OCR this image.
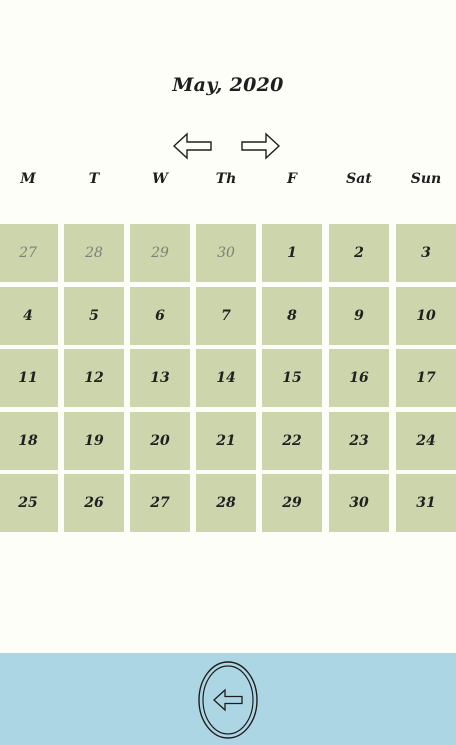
May, 2020
M	T	W	Th	F	Sat	Sun
27	28	29	30	1	2	3
4	5	6	7	8	9	10
11	12	13	14	15	16	17
18	19	20	21	22	23	24
25	26	27	28	29	30	31
